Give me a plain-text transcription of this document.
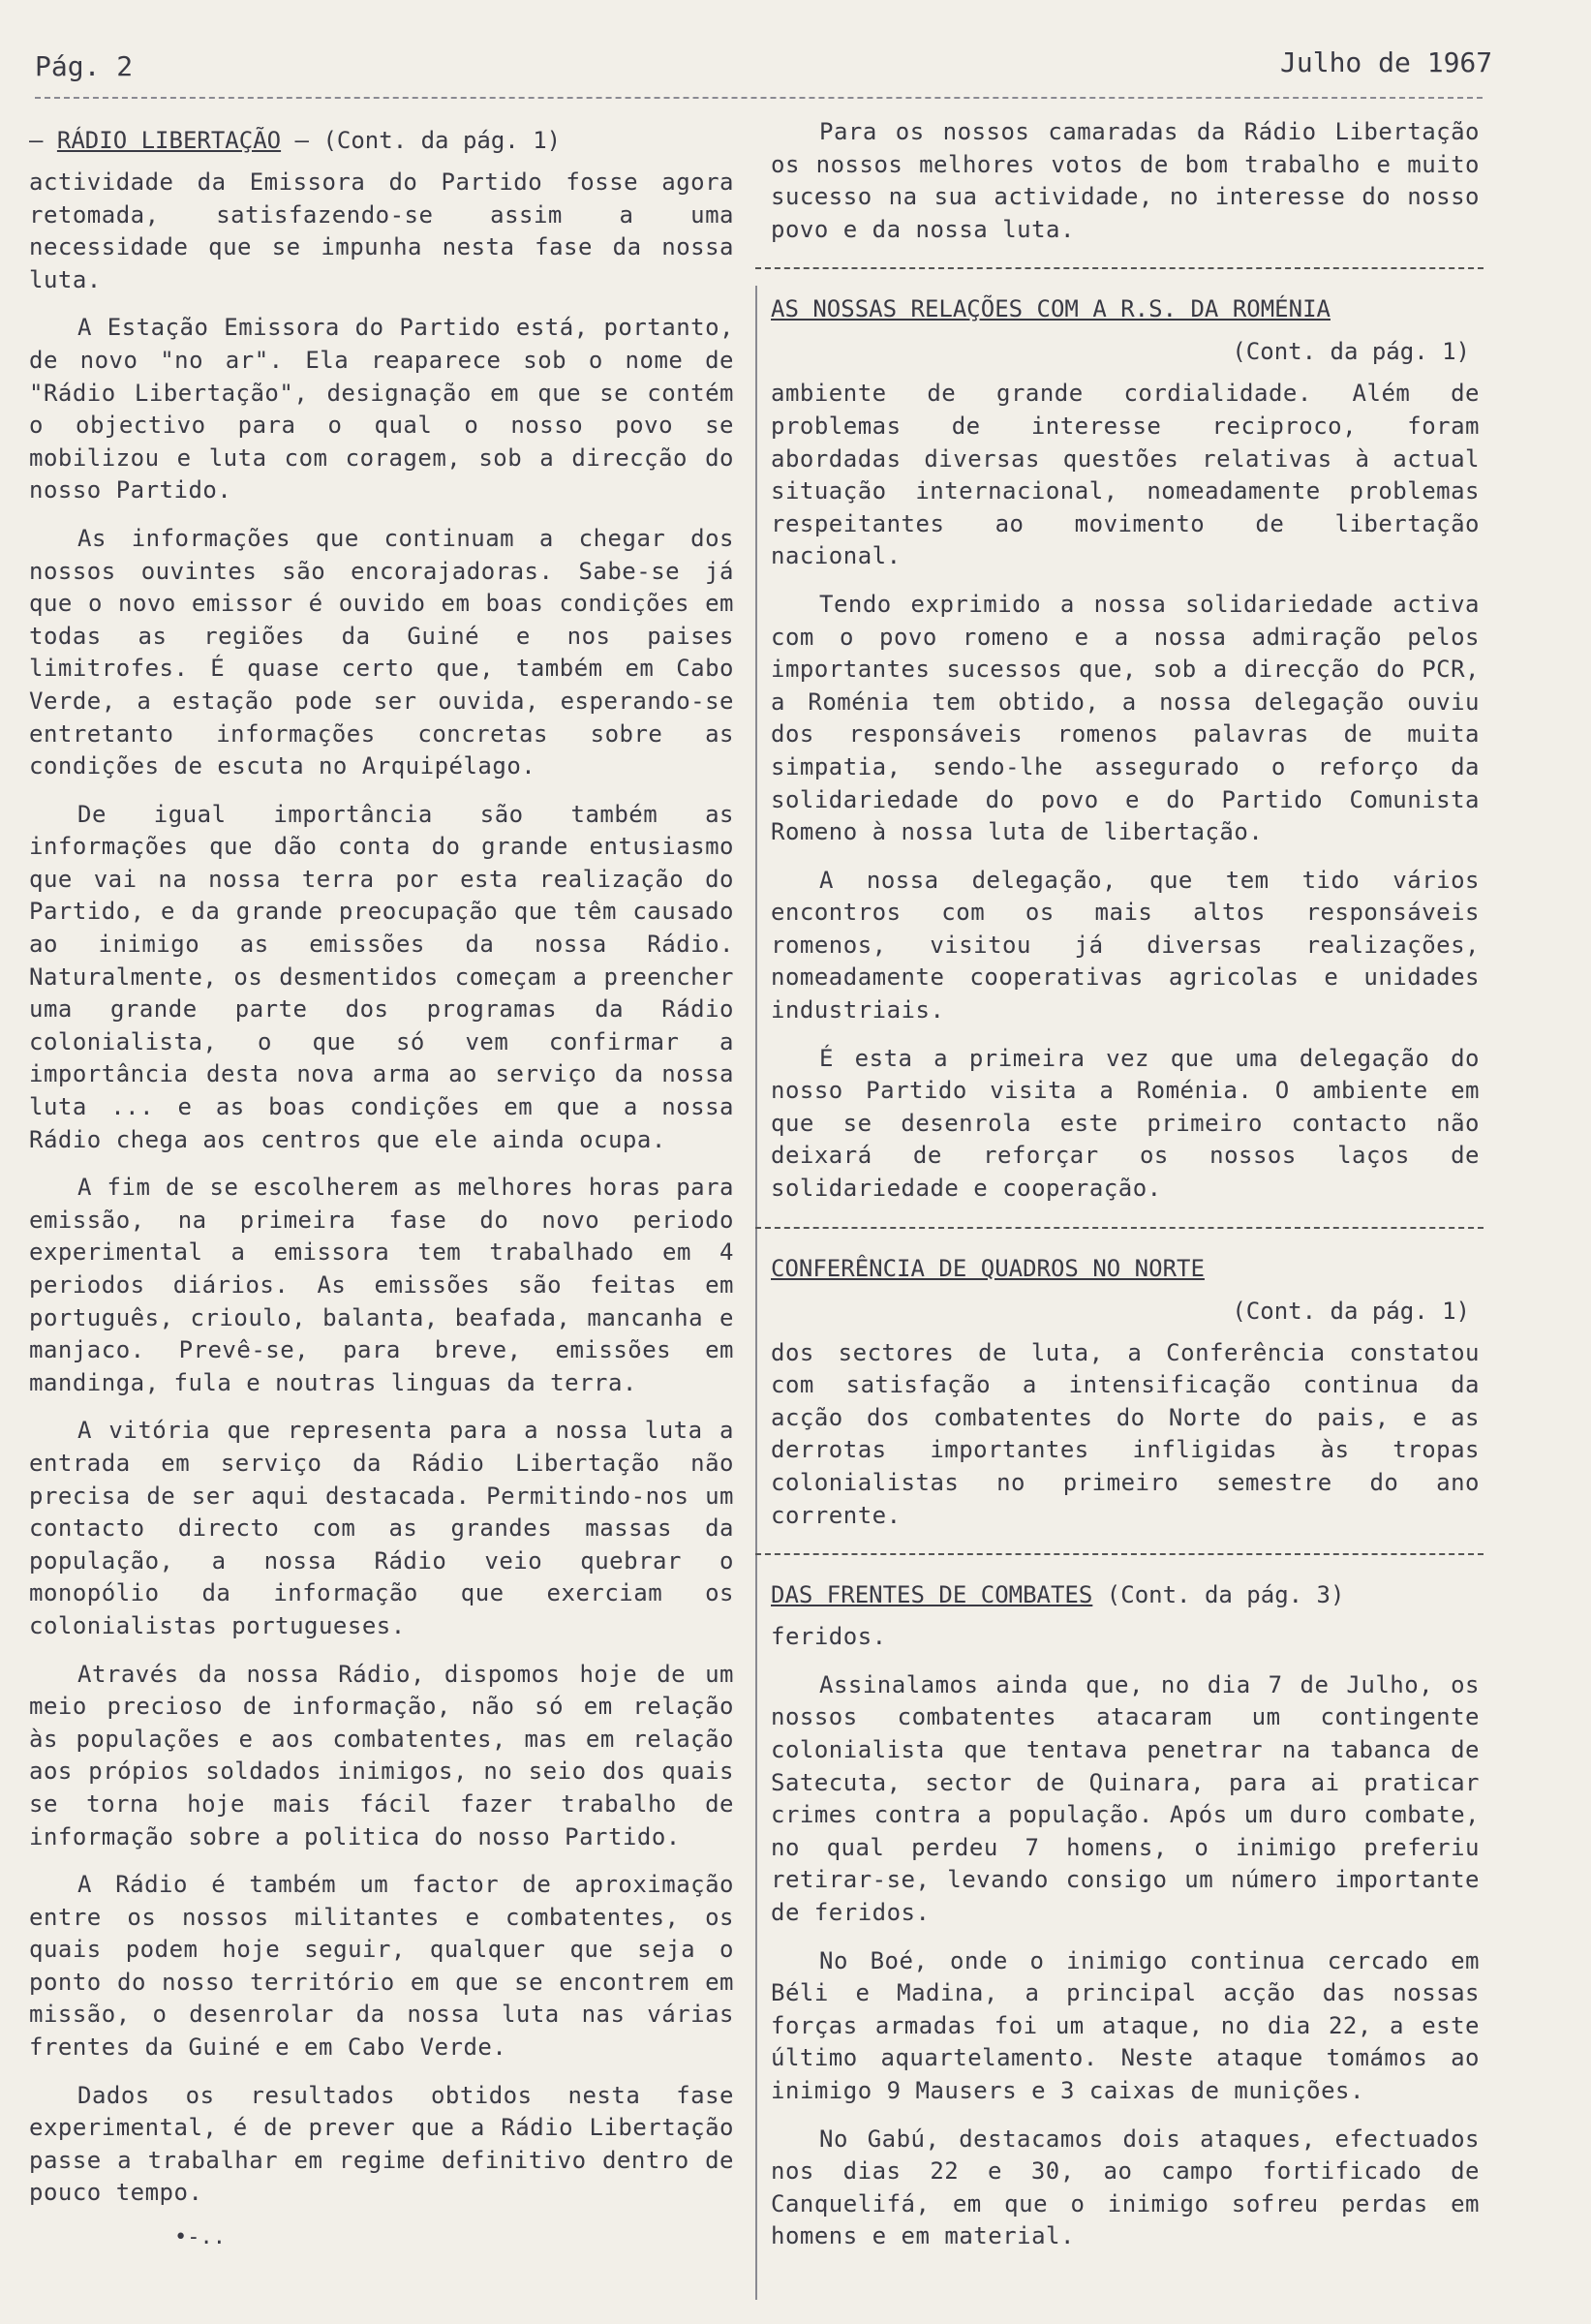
Pág. 2	Julho de 1967
– RÁDIO LIBERTAÇÃO – (Cont. da pág. 1)

actividade da Emissora do Partido fosse agora retomada, satisfazendo-se assim a uma necessidade que se impunha nesta fase da nossa luta.

A Estação Emissora do Partido está, portanto, de novo "no ar". Ela reaparece sob o nome de "Rádio Libertação", designação em que se contém o objectivo para o qual o nosso povo se mobilizou e luta com coragem, sob a direcção do nosso Partido.

As informações que continuam a chegar dos nossos ouvintes são encorajadoras. Sabe-se já que o novo emissor é ouvido em boas condições em todas as regiões da Guiné e nos paises limitrofes. É quase certo que, também em Cabo Verde, a estação pode ser ouvida, esperando-se entretanto informações concretas sobre as condições de escuta no Arquipélago.

De igual importância são também as informações que dão conta do grande entusiasmo que vai na nossa terra por esta realização do Partido, e da grande preocupação que têm causado ao inimigo as emissões da nossa Rádio. Naturalmente, os desmentidos começam a preencher uma grande parte dos programas da Rádio colonialista, o que só vem confirmar a importância desta nova arma ao serviço da nossa luta ... e as boas condições em que a nossa Rádio chega aos centros que ele ainda ocupa.

A fim de se escolherem as melhores horas para emissão, na primeira fase do novo periodo experimental a emissora tem trabalhado em 4 periodos diários. As emissões são feitas em português, crioulo, balanta, beafada, mancanha e manjaco. Prevê-se, para breve, emissões em mandinga, fula e noutras linguas da terra.

A vitória que representa para a nossa luta a entrada em serviço da Rádio Libertação não precisa de ser aqui destacada. Permitindo-nos um contacto directo com as grandes massas da população, a nossa Rádio veio quebrar o monopólio da informação que exerciam os colonialistas portugueses.

Através da nossa Rádio, dispomos hoje de um meio precioso de informação, não só em relação às populações e aos combatentes, mas em relação aos própios soldados inimigos, no seio dos quais se torna hoje mais fácil fazer trabalho de informação sobre a politica do nosso Partido.

A Rádio é também um factor de aproximação entre os nossos militantes e combatentes, os quais podem hoje seguir, qualquer que seja o ponto do nosso território em que se encontrem em missão, o desenrolar da nossa luta nas várias frentes da Guiné e em Cabo Verde.

Dados os resultados obtidos nesta fase experimental, é de prever que a Rádio Libertação passe a trabalhar em regime definitivo dentro de pouco tempo.

•-..

Para os nossos camaradas da Rádio Libertação os nossos melhores votos de bom trabalho e muito sucesso na sua actividade, no interesse do nosso povo e da nossa luta.

AS NOSSAS RELAÇÕES COM A R.S. DA ROMÉNIA
(Cont. da pág. 1)

ambiente de grande cordialidade. Além de problemas de interesse reciproco, foram abordadas diversas questões relativas à actual situação internacional, nomeadamente problemas respeitantes ao movimento de libertação nacional.

Tendo exprimido a nossa solidariedade activa com o povo romeno e a nossa admiração pelos importantes sucessos que, sob a direcção do PCR, a Roménia tem obtido, a nossa delegação ouviu dos responsáveis romenos palavras de muita simpatia, sendo-lhe assegurado o reforço da solidariedade do povo e do Partido Comunista Romeno à nossa luta de libertação.

A nossa delegação, que tem tido vários encontros com os mais altos responsáveis romenos, visitou já diversas realizações, nomeadamente cooperativas agricolas e unidades industriais.

É esta a primeira vez que uma delegação do nosso Partido visita a Roménia. O ambiente em que se desenrola este primeiro contacto não deixará de reforçar os nossos laços de solidariedade e cooperação.

CONFERÊNCIA DE QUADROS NO NORTE
(Cont. da pág. 1)

dos sectores de luta, a Conferência constatou com satisfação a intensificação continua da acção dos combatentes do Norte do pais, e as derrotas importantes infligidas às tropas colonialistas no primeiro semestre do ano corrente.

DAS FRENTES DE COMBATES (Cont. da pág. 3)

feridos.

Assinalamos ainda que, no dia 7 de Julho, os nossos combatentes atacaram um contingente colonialista que tentava penetrar na tabanca de Satecuta, sector de Quinara, para ai praticar crimes contra a população. Após um duro combate, no qual perdeu 7 homens, o inimigo preferiu retirar-se, levando consigo um número importante de feridos.

No Boé, onde o inimigo continua cercado em Béli e Madina, a principal acção das nossas forças armadas foi um ataque, no dia 22, a este último aquartelamento. Neste ataque tomámos ao inimigo 9 Mausers e 3 caixas de munições.

No Gabú, destacamos dois ataques, efectuados nos dias 22 e 30, ao campo fortificado de Canquelifá, em que o inimigo sofreu perdas em homens e em material.
